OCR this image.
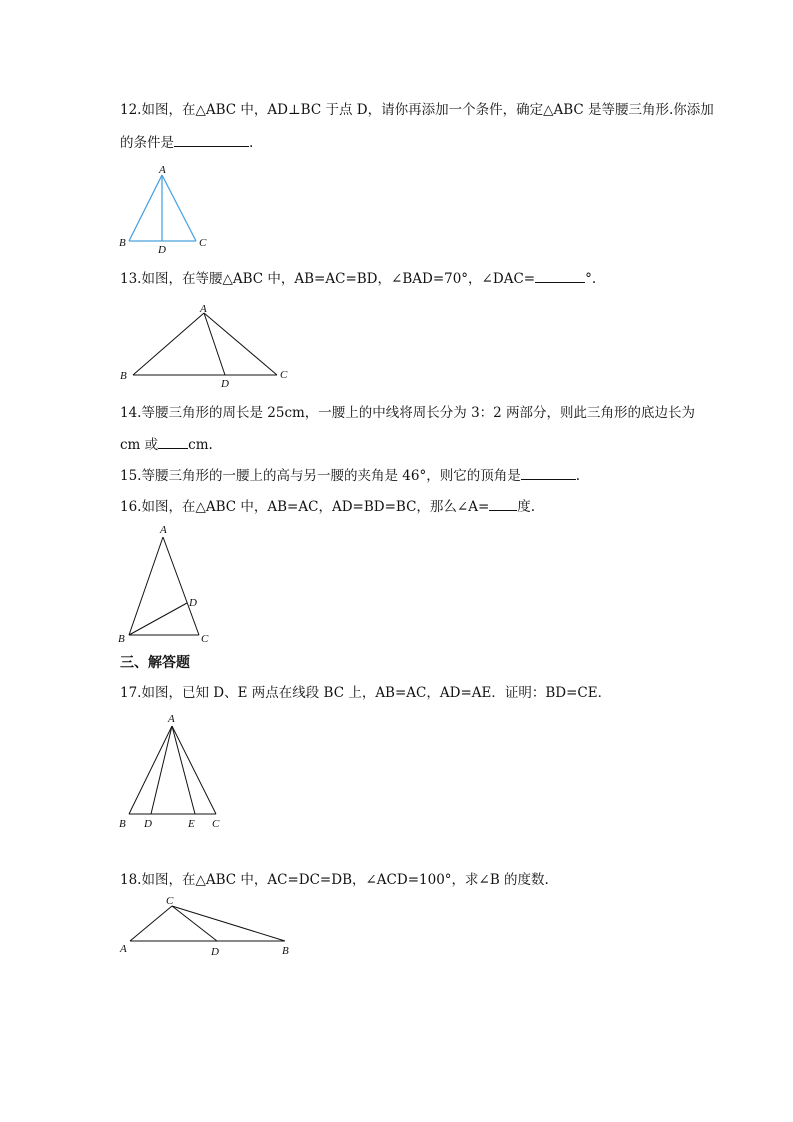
12.如图，在△ABC 中，AD⊥BC 于点 D，请你再添加一个条件，确定△ABC 是等腰三角形.你添加
的条件是	.
A
B	C
D
13.如图，在等腰△ABC 中，AB=AC=BD，∠BAD=70°，∠DAC=	°.
A
B	C
D
14.等腰三角形的周长是 25cm，一腰上的中线将周长分为 3：2 两部分，则此三角形的底边长为
cm 或 cm.
15.等腰三角形的一腰上的高与另一腰的夹角是 46°，则它的顶角是	.
16.如图，在△ABC 中，AB=AC，AD=BD=BC，那么∠A= 度.
A
B	C
D
三、解答题
17.如图，已知 D、E 两点在线段 BC 上，AB=AC，AD=AE．证明：BD=CE．
A
B D	E C
18.如图，在△ABC 中，AC=DC=DB，∠ACD=100°，求∠B 的度数.
C
A	D	B
